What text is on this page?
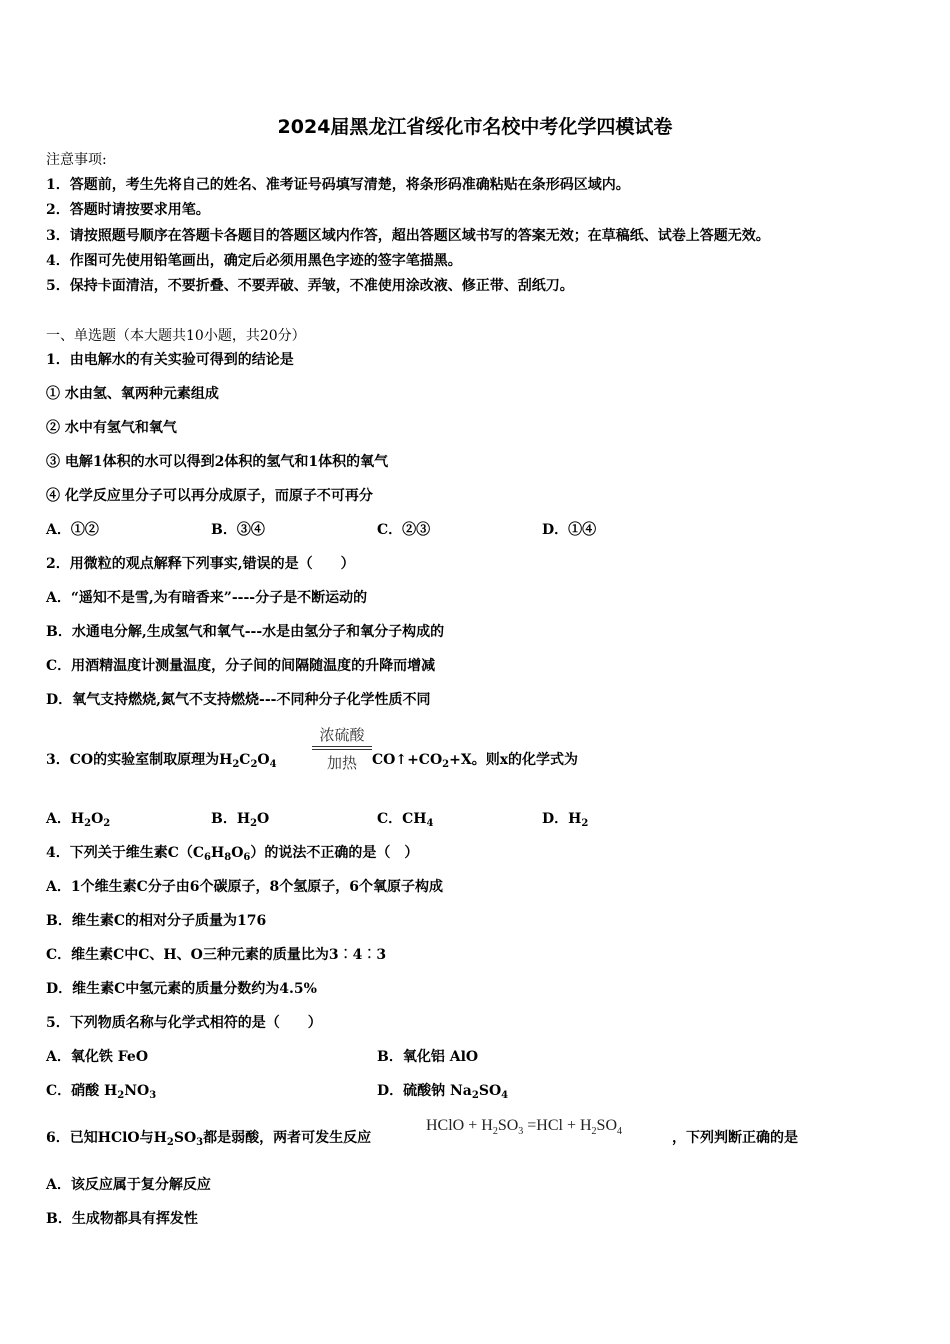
2024届黑龙江省绥化市名校中考化学四模试卷
注意事项:
1．答题前，考生先将自己的姓名、准考证号码填写清楚，将条形码准确粘贴在条形码区域内。
2．答题时请按要求用笔。
3．请按照题号顺序在答题卡各题目的答题区域内作答，超出答题区域书写的答案无效；在草稿纸、试卷上答题无效。
4．作图可先使用铅笔画出，确定后必须用黑色字迹的签字笔描黑。
5．保持卡面清洁，不要折叠、不要弄破、弄皱，不准使用涂改液、修正带、刮纸刀。
一、单选题（本大题共10小题，共20分）
1．由电解水的有关实验可得到的结论是
① 水由氢、氧两种元素组成
② 水中有氢气和氧气
③ 电解1体积的水可以得到2体积的氢气和1体积的氧气
④ 化学反应里分子可以再分成原子，而原子不可再分
A．①②	B．③④	C．②③	D．①④
2．用微粒的观点解释下列事实,错误的是（　　）
A．“遥知不是雪,为有暗香来”----分子是不断运动的
B．水通电分解,生成氢气和氧气---水是由氢分子和氧分子构成的
C．用酒精温度计测量温度，分子间的间隔随温度的升降而增减
D．氧气支持燃烧,氮气不支持燃烧---不同种分子化学性质不同
3．CO的实验室制取原理为$H_2C_2O_4$
浓硫酸
加热	$CO↑+CO_2+X$。则x的化学式为
A．$H_2O_2$	B．$H_2O$	C．$CH_4$	D．$H_2$
4．下列关于维生素$C(C_6H_8O_6)$的说法不正确的是（　）
A．1个维生素C分子由6个碳原子，8个氢原子，6个氧原子构成
B．维生素C的相对分子质量为176
C．维生素C中C、H、O三种元素的质量比为3︰4︰3
D．维生素C中氢元素的质量分数约为4.5%
5．下列物质名称与化学式相符的是（　　）
A．氧化铁 FeO	B．氧化铝 AlO
C．硝酸 $H_2NO_3$	D．硫酸钠 $Na_2SO_4$
6．已知HClO与$H_2SO_3$都是弱酸，两者可发生反应
HClO + $H_2SO_3 =HCl + H_2SO_4$	，下列判断正确的是
A．该反应属于复分解反应
B．生成物都具有挥发性
